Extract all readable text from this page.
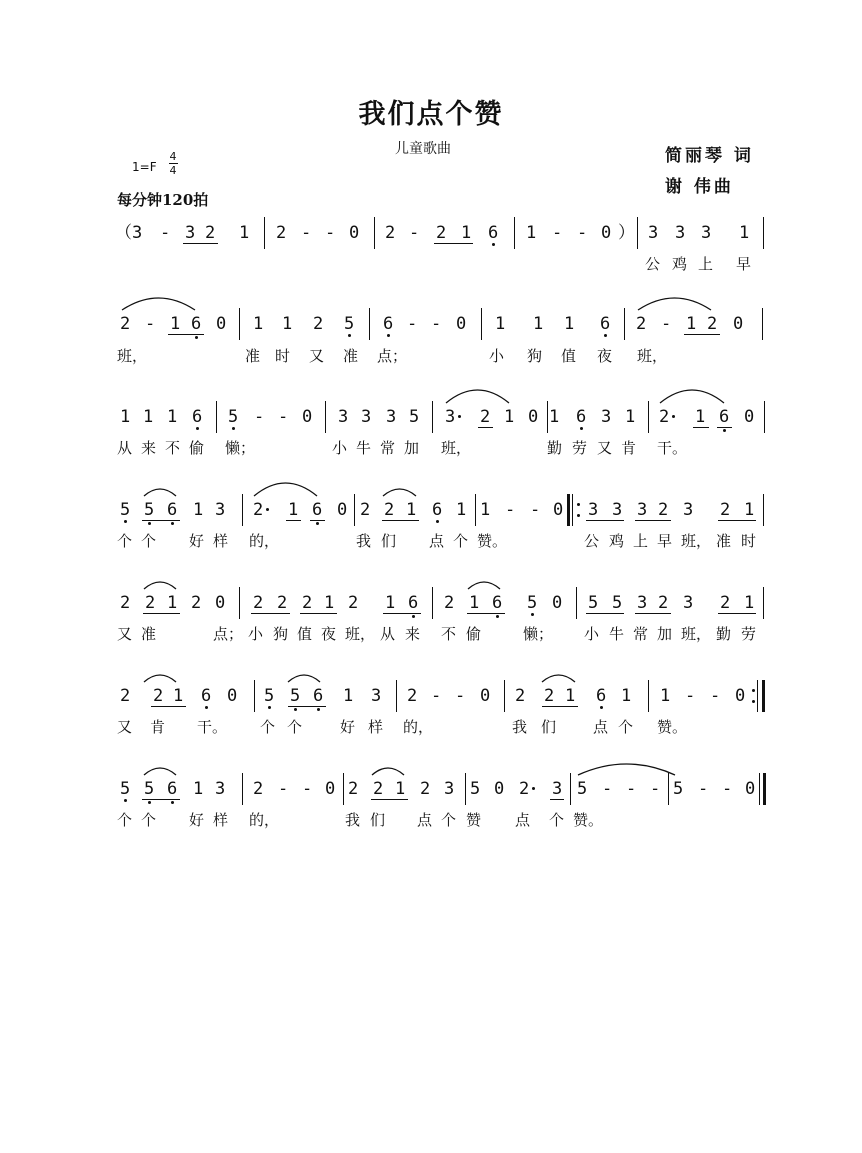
我们点个赞
儿童歌曲	简丽琴 词
谢 伟曲
1=F
4
4
每分钟120拍
（ 3 - 3 2 1 2 - - 0 2 - 2 1 6 1 - - 0 ） 3 3 3 1
公 鸡 上 早
2 - 1 6 0 1 1 2 5 6 - - 0 1 1 1 6 2 - 1 2 0
班，	准 时 又 准 点；	小 狗 值 夜 班，
1 1 1 6 5 - - 0 3 3 3 5 3 2 1 0 1 6 3 1 2 1 6 0
从 来 不 偷 懒；	小 牛 常 加 班，	勤 劳 又 肯 干。
5 5 6 1 3 2 1 6 0 2 2 1 6 1 1 - - 0 3 3 3 2 3 2 1
个 个 好 样 的，	我 们 点 个 赞。	公 鸡 上 早 班， 准 时
2 2 1 2 0 2 2 2 1 2 1 6 2 1 6 5 0 5 5 3 2 3 2 1
又 准	点； 小 狗 值 夜 班， 从 来 不 偷	懒； 小 牛 常 加 班， 勤 劳
2 2 1 6 0 5 5 6 1 3 2 - - 0 2 2 1 6 1 1 - - 0
又 肯 干。 个 个	好 样 的，	我 们 点 个 赞。
5 5 6 1 3 2 - - 0 2 2 1 2 3 5 0 2 3 5 - - - 5 - - 0
个 个 好 样 的，	我 们 点 个 赞 点 个 赞。
